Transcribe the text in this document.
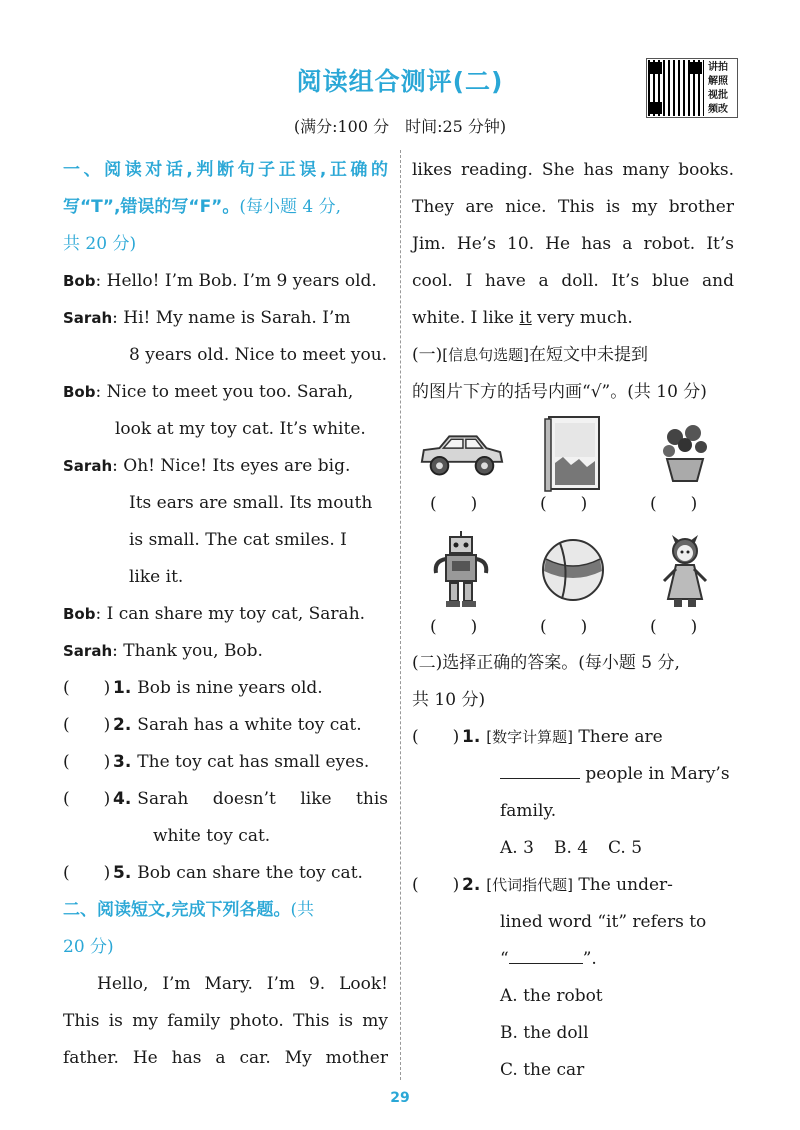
阅读组合测评(二)
(满分:100 分　时间:25 分钟)
讲 拍
解 照
视 批
频 改
一、阅读对话,判断句子正误,正确的
写“T”,错误的写“F”。(每小题 4 分,
共 20 分)
Bob: Hello! I’m Bob. I’m 9 years old.
Sarah: Hi! My name is Sarah. I’m
8 years old. Nice to meet you.
Bob: Nice to meet you too. Sarah,
look at my toy cat. It’s white.
Sarah: Oh! Nice! Its eyes are big.
Its ears are small. Its mouth
is small. The cat smiles. I
like it.
Bob: I can share my toy cat, Sarah.
Sarah: Thank you, Bob.
(　　) 1. Bob is nine years old.
(　　) 2. Sarah has a white toy cat.
(　　) 3. The toy cat has small eyes.
(　　) 4. Sarah doesn’t like this
white toy cat.
(　　) 5. Bob can share the toy cat.
二、阅读短文,完成下列各题。(共
20 分)
Hello, I’m Mary. I’m 9. Look!
This is my family photo. This is my
father. He has a car. My mother
likes reading. She has many books.
They are nice. This is my brother
Jim. He’s 10. He has a robot. It’s
cool. I have a doll. It’s blue and
white. I like it very much.
(一)[信息句选题]在短文中未提到
的图片下方的括号内画“√”。(共 10 分)
(　　)	(　　)	(　　)
(　　)	(　　)	(　　)
(二)选择正确的答案。(每小题 5 分,
共 10 分)
(　　) 1. [数字计算题]
There are
people in Mary’s
family.
A. 3 B. 4 C. 5
(　　) 2. [代词指代题]
The under-
lined word “it” refers to
“	”.
A. the robot
B. the doll
C. the car
29
